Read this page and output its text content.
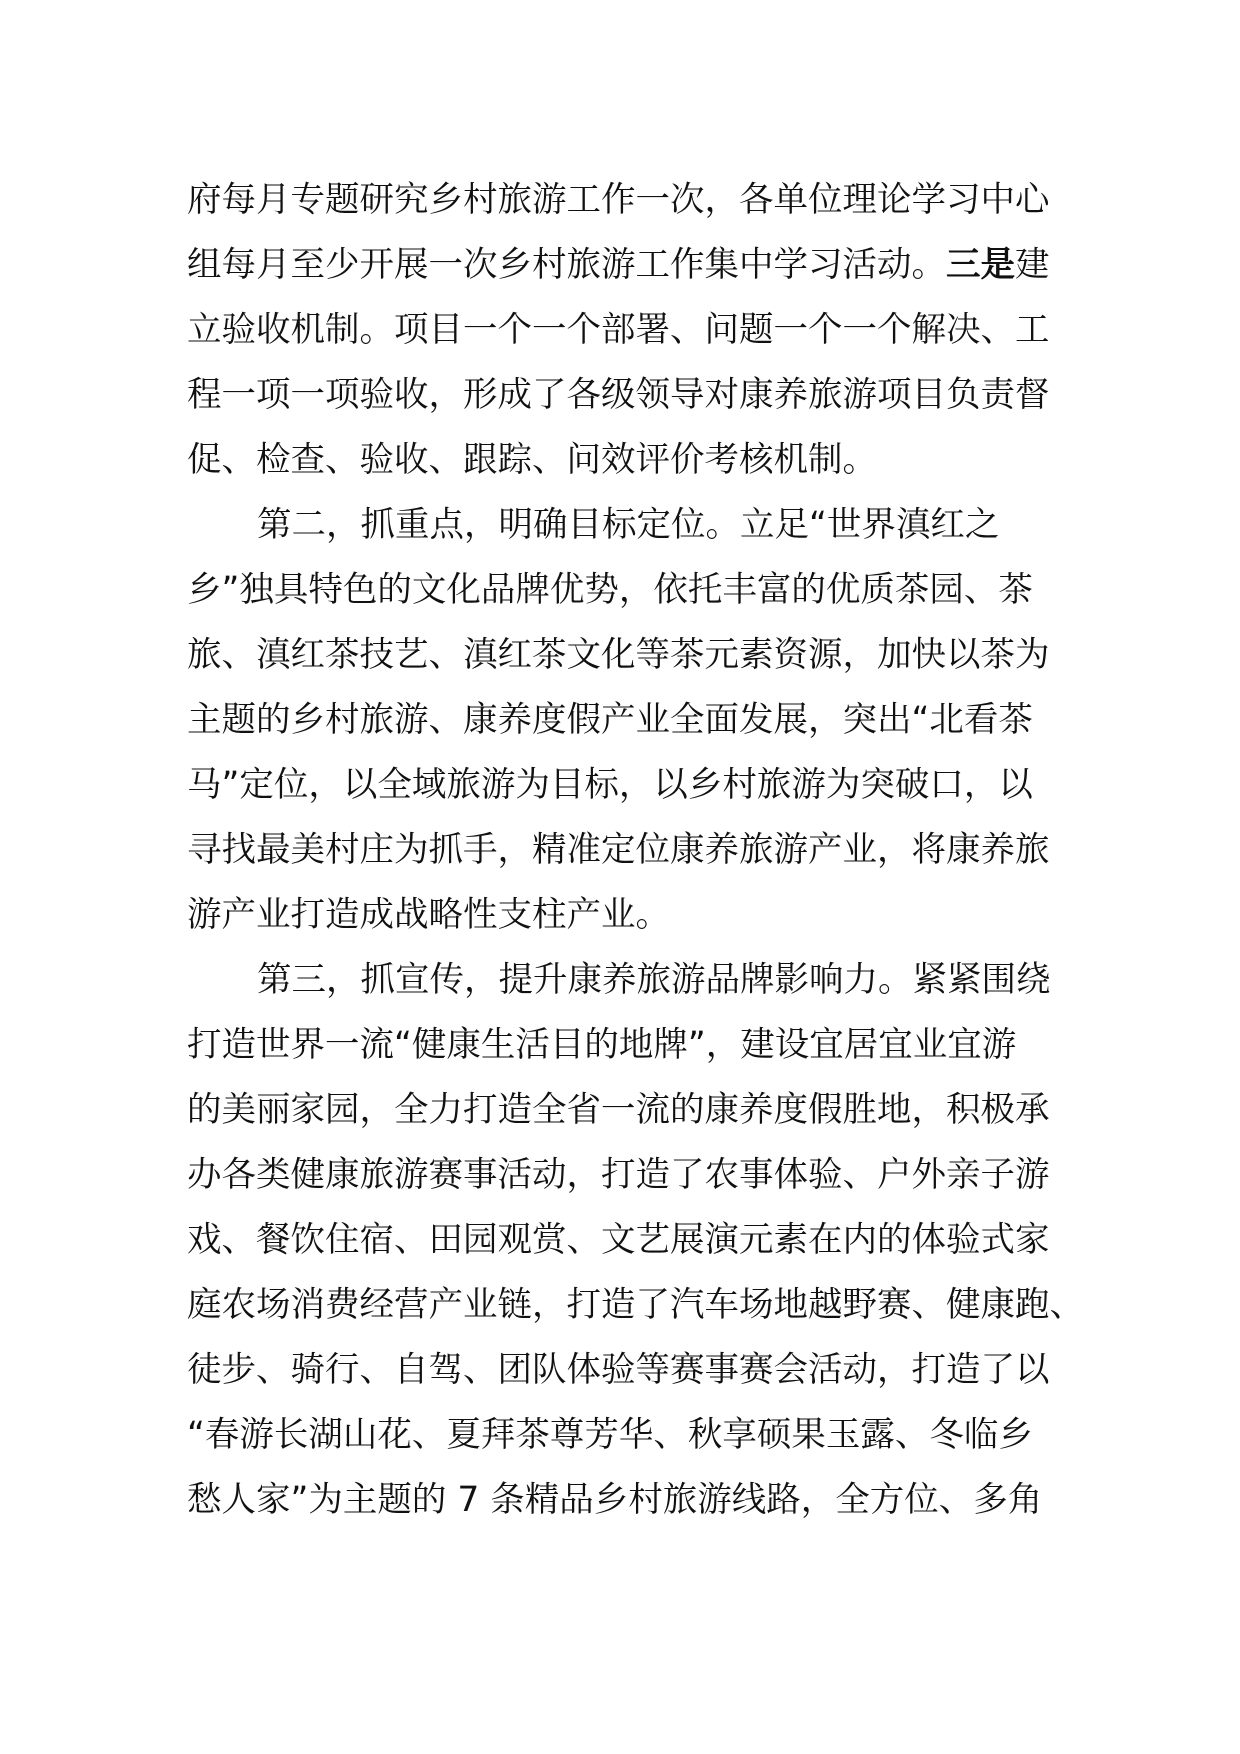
府每月专题研究乡村旅游工作一次，各单位理论学习中心
组每月至少开展一次乡村旅游工作集中学习活动。三是建
立验收机制。项目一个一个部署、问题一个一个解决、工
程一项一项验收，形成了各级领导对康养旅游项目负责督
促、检查、验收、跟踪、问效评价考核机制。
第二，抓重点，明确目标定位。立足“世界滇红之
乡”独具特色的文化品牌优势，依托丰富的优质茶园、茶
旅、滇红茶技艺、滇红茶文化等茶元素资源，加快以茶为
主题的乡村旅游、康养度假产业全面发展，突出“北看茶
马”定位，以全域旅游为目标，以乡村旅游为突破口，以
寻找最美村庄为抓手，精准定位康养旅游产业，将康养旅
游产业打造成战略性支柱产业。
第三，抓宣传，提升康养旅游品牌影响力。紧紧围绕
打造世界一流“健康生活目的地牌”，建设宜居宜业宜游
的美丽家园，全力打造全省一流的康养度假胜地，积极承
办各类健康旅游赛事活动，打造了农事体验、户外亲子游
戏、餐饮住宿、田园观赏、文艺展演元素在内的体验式家
庭农场消费经营产业链，打造了汽车场地越野赛、健康跑、
徒步、骑行、自驾、团队体验等赛事赛会活动，打造了以
“春游长湖山花、夏拜茶尊芳华、秋享硕果玉露、冬临乡
愁人家”为主题的 7 条精品乡村旅游线路，全方位、多角
